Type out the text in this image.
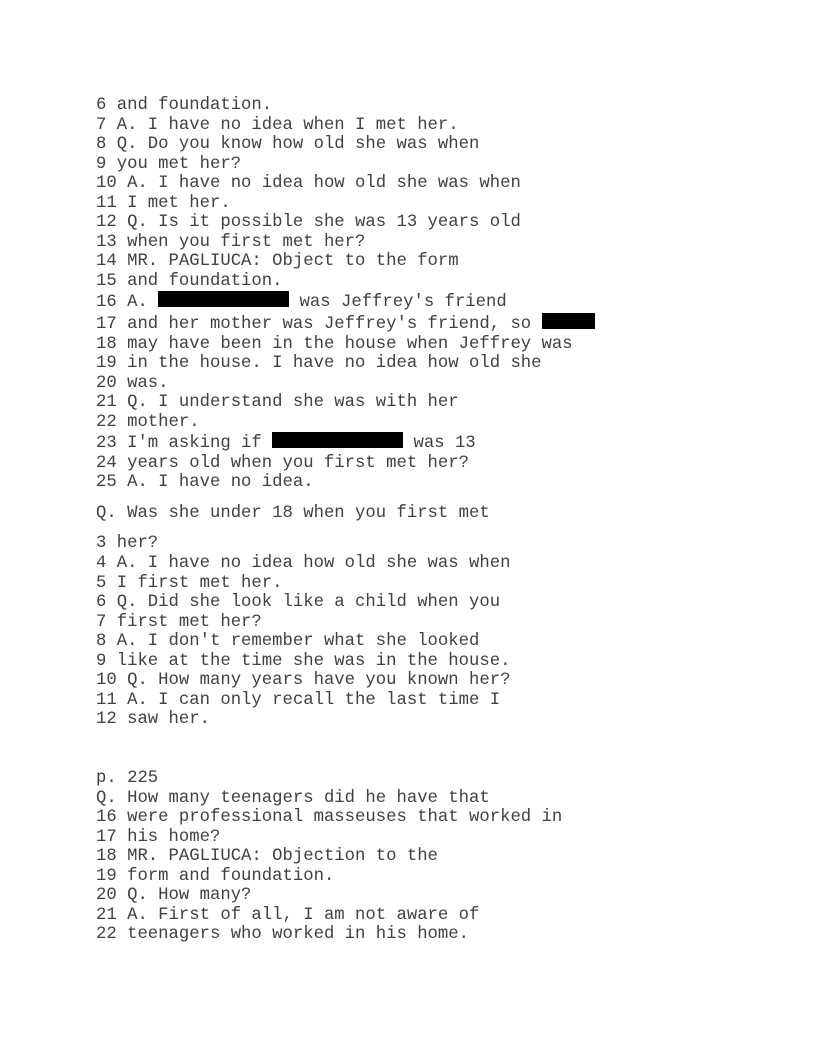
6 and foundation.
7 A. I have no idea when I met her.
8 Q. Do you know how old she was when
9 you met her?
10 A. I have no idea how old she was when
11 I met her.
12 Q. Is it possible she was 13 years old
13 when you first met her?
14 MR. PAGLIUCA: Object to the form
15 and foundation.
16 A.	was Jeffrey's friend
17 and her mother was Jeffrey's friend, so
18 may have been in the house when Jeffrey was
19 in the house. I have no idea how old she
20 was.
21 Q. I understand she was with her
22 mother.
23 I'm asking if	was 13
24 years old when you first met her?
25 A. I have no idea.
Q. Was she under 18 when you first met
3 her?
4 A. I have no idea how old she was when
5 I first met her.
6 Q. Did she look like a child when you
7 first met her?
8 A. I don't remember what she looked
9 like at the time she was in the house.
10 Q. How many years have you known her?
11 A. I can only recall the last time I
12 saw her.
p. 225
Q. How many teenagers did he have that
16 were professional masseuses that worked in
17 his home?
18 MR. PAGLIUCA: Objection to the
19 form and foundation.
20 Q. How many?
21 A. First of all, I am not aware of
22 teenagers who worked in his home.
